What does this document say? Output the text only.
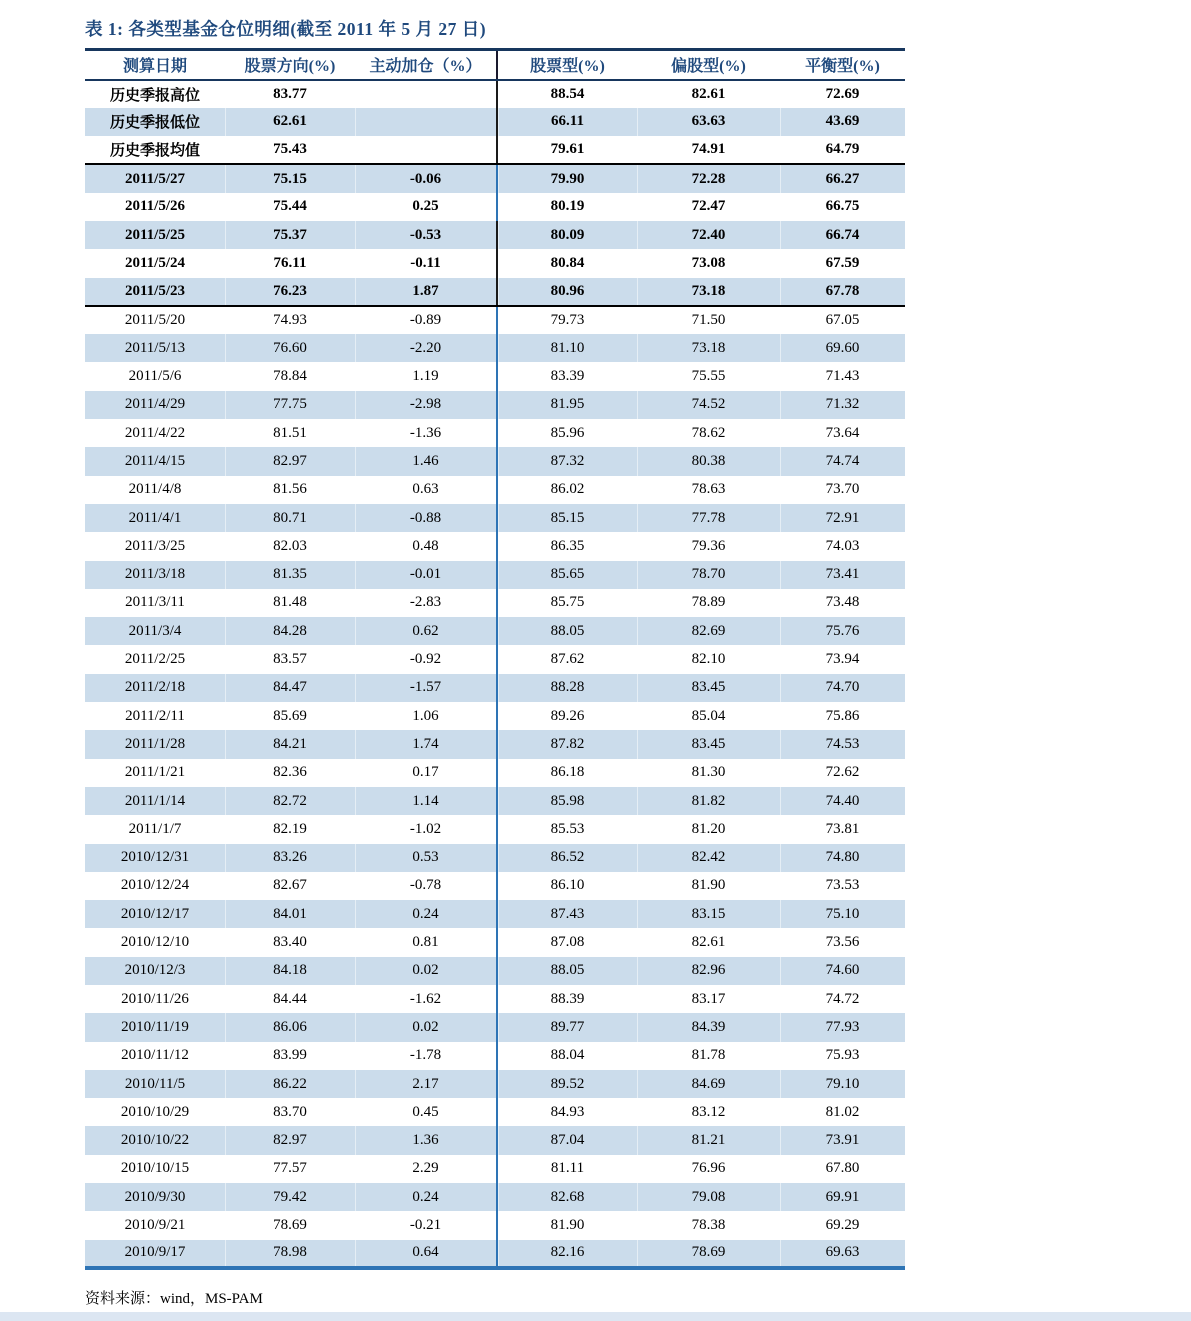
表 1: 各类型基金仓位明细(截至 2011 年 5 月 27 日)
测算日期	股票方向(%)	主动加仓（%）	股票型(%)	偏股型(%)	平衡型(%)
历史季报高位	83.77		88.54	82.61	72.69
历史季报低位	62.61		66.11	63.63	43.69
历史季报均值	75.43		79.61	74.91	64.79
2011/5/27	75.15	-0.06	79.90	72.28	66.27
2011/5/26	75.44	0.25	80.19	72.47	66.75
2011/5/25	75.37	-0.53	80.09	72.40	66.74
2011/5/24	76.11	-0.11	80.84	73.08	67.59
2011/5/23	76.23	1.87	80.96	73.18	67.78
2011/5/20	74.93	-0.89	79.73	71.50	67.05
2011/5/13	76.60	-2.20	81.10	73.18	69.60
2011/5/6	78.84	1.19	83.39	75.55	71.43
2011/4/29	77.75	-2.98	81.95	74.52	71.32
2011/4/22	81.51	-1.36	85.96	78.62	73.64
2011/4/15	82.97	1.46	87.32	80.38	74.74
2011/4/8	81.56	0.63	86.02	78.63	73.70
2011/4/1	80.71	-0.88	85.15	77.78	72.91
2011/3/25	82.03	0.48	86.35	79.36	74.03
2011/3/18	81.35	-0.01	85.65	78.70	73.41
2011/3/11	81.48	-2.83	85.75	78.89	73.48
2011/3/4	84.28	0.62	88.05	82.69	75.76
2011/2/25	83.57	-0.92	87.62	82.10	73.94
2011/2/18	84.47	-1.57	88.28	83.45	74.70
2011/2/11	85.69	1.06	89.26	85.04	75.86
2011/1/28	84.21	1.74	87.82	83.45	74.53
2011/1/21	82.36	0.17	86.18	81.30	72.62
2011/1/14	82.72	1.14	85.98	81.82	74.40
2011/1/7	82.19	-1.02	85.53	81.20	73.81
2010/12/31	83.26	0.53	86.52	82.42	74.80
2010/12/24	82.67	-0.78	86.10	81.90	73.53
2010/12/17	84.01	0.24	87.43	83.15	75.10
2010/12/10	83.40	0.81	87.08	82.61	73.56
2010/12/3	84.18	0.02	88.05	82.96	74.60
2010/11/26	84.44	-1.62	88.39	83.17	74.72
2010/11/19	86.06	0.02	89.77	84.39	77.93
2010/11/12	83.99	-1.78	88.04	81.78	75.93
2010/11/5	86.22	2.17	89.52	84.69	79.10
2010/10/29	83.70	0.45	84.93	83.12	81.02
2010/10/22	82.97	1.36	87.04	81.21	73.91
2010/10/15	77.57	2.29	81.11	76.96	67.80
2010/9/30	79.42	0.24	82.68	79.08	69.91
2010/9/21	78.69	-0.21	81.90	78.38	69.29
2010/9/17	78.98	0.64	82.16	78.69	69.63
资料来源：wind，MS-PAM
